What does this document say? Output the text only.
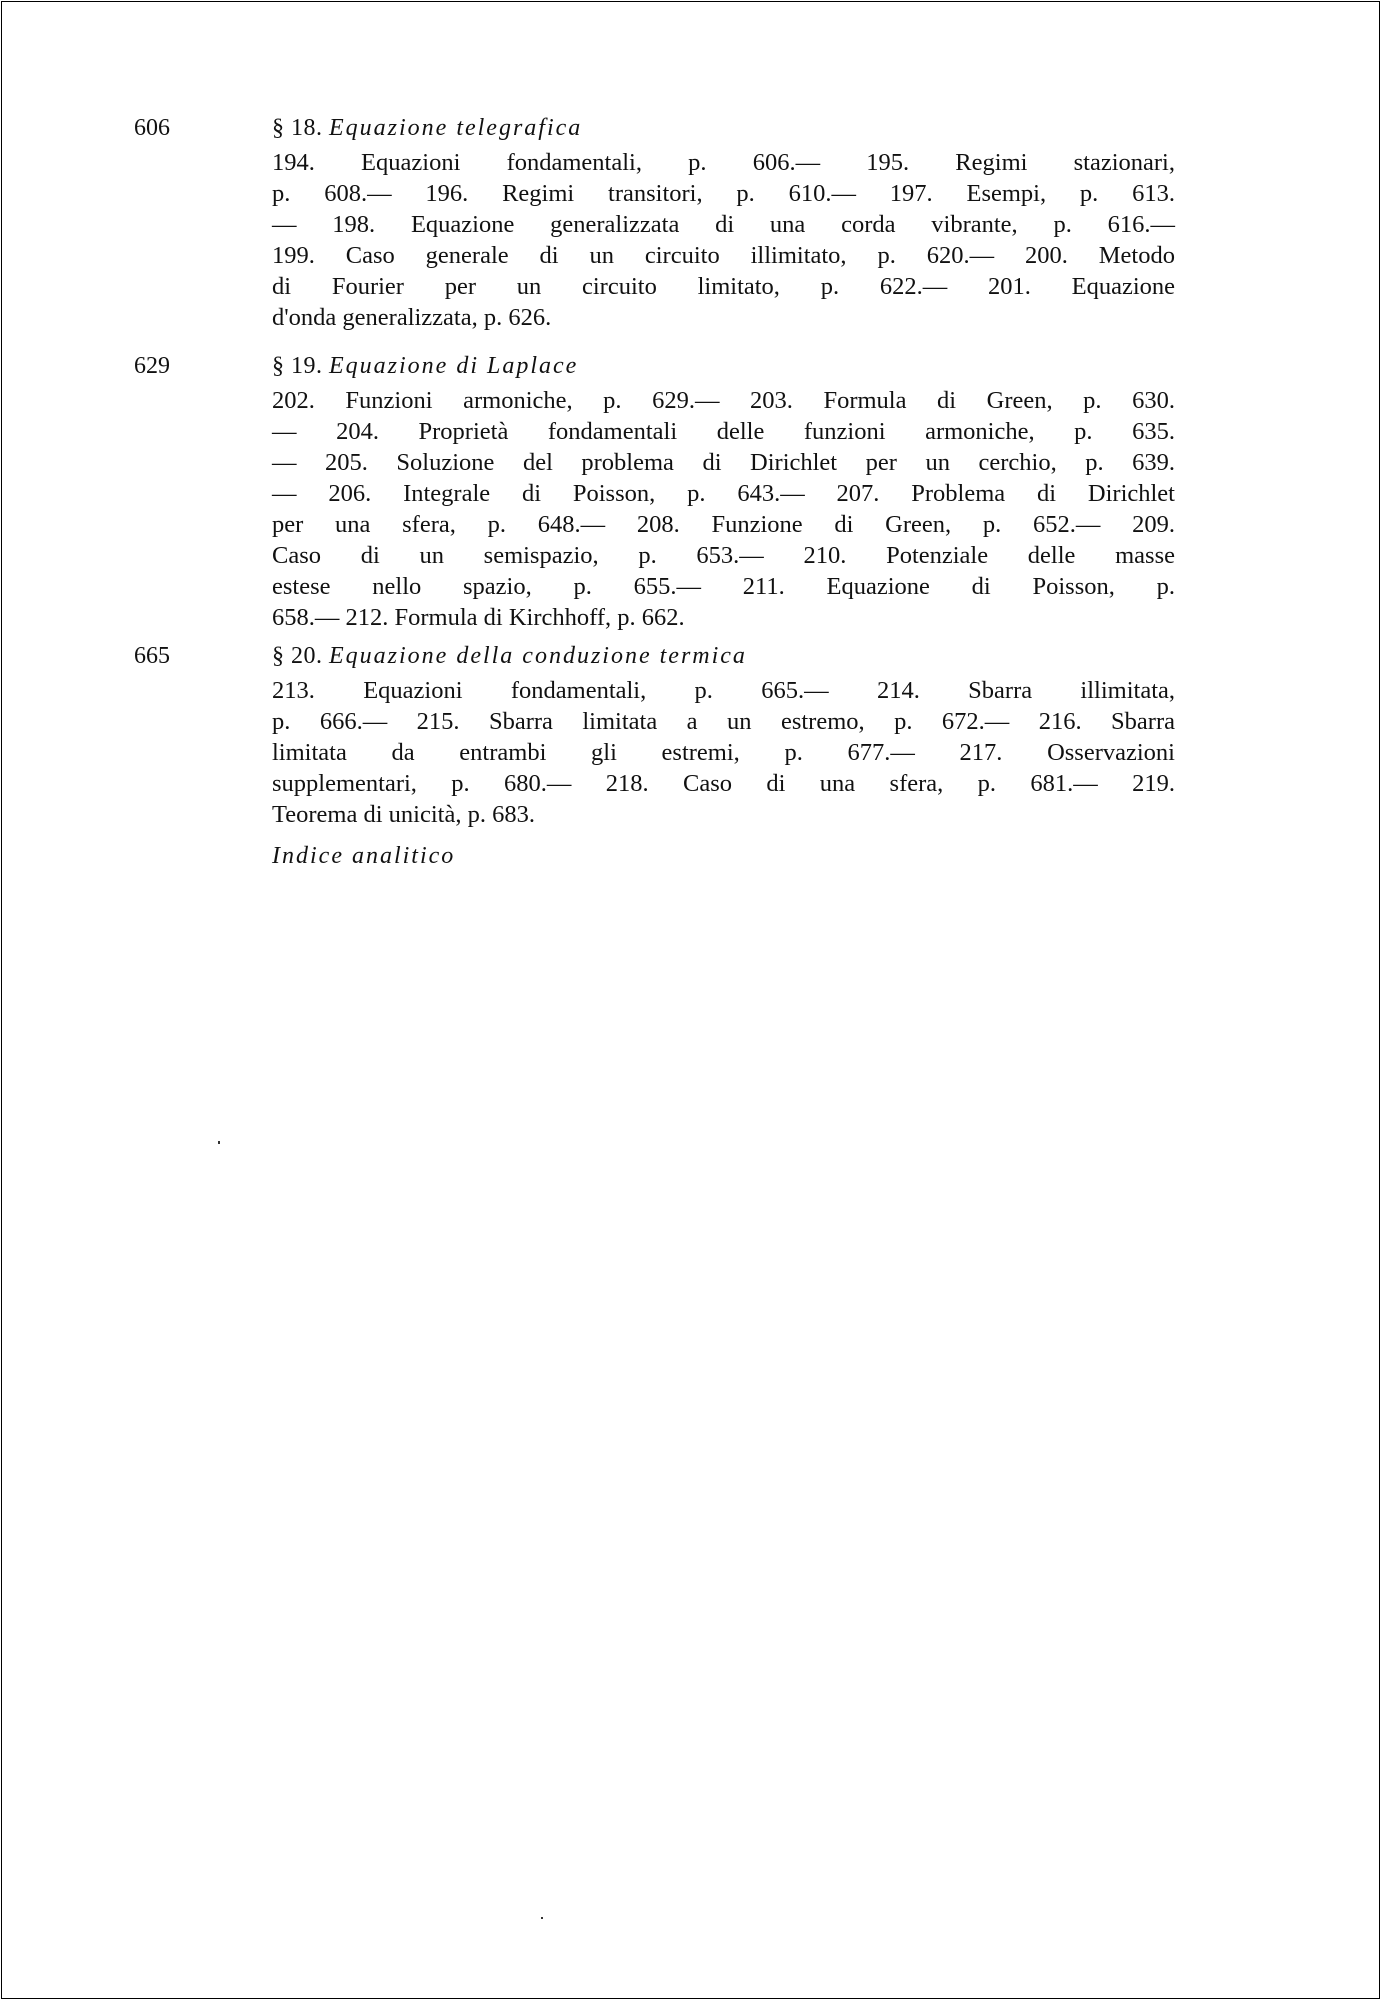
606	§ 18. Equazione telegrafica
194. Equazioni fondamentali, p. 606.— 195. Regimi stazionari,
p. 608.— 196. Regimi transitori, p. 610.— 197. Esempi, p. 613.
— 198. Equazione generalizzata di una corda vibrante, p. 616.—
199. Caso generale di un circuito illimitato, p. 620.— 200. Metodo
di Fourier per un circuito limitato, p. 622.— 201. Equazione
d'onda generalizzata, p. 626.
629	§ 19. Equazione di Laplace
202. Funzioni armoniche, p. 629.— 203. Formula di Green, p. 630.
— 204. Proprietà fondamentali delle funzioni armoniche, p. 635.
— 205. Soluzione del problema di Dirichlet per un cerchio, p. 639.
— 206. Integrale di Poisson, p. 643.— 207. Problema di Dirichlet
per una sfera, p. 648.— 208. Funzione di Green, p. 652.— 209.
Caso di un semispazio, p. 653.— 210. Potenziale delle masse
estese nello spazio, p. 655.— 211. Equazione di Poisson, p.
658.— 212. Formula di Kirchhoff, p. 662.
665	§ 20. Equazione della conduzione termica
213. Equazioni fondamentali, p. 665.— 214. Sbarra illimitata,
p. 666.— 215. Sbarra limitata a un estremo, p. 672.— 216. Sbarra
limitata da entrambi gli estremi, p. 677.— 217. Osservazioni
supplementari, p. 680.— 218. Caso di una sfera, p. 681.— 219.
Teorema di unicità, p. 683.
Indice analitico
